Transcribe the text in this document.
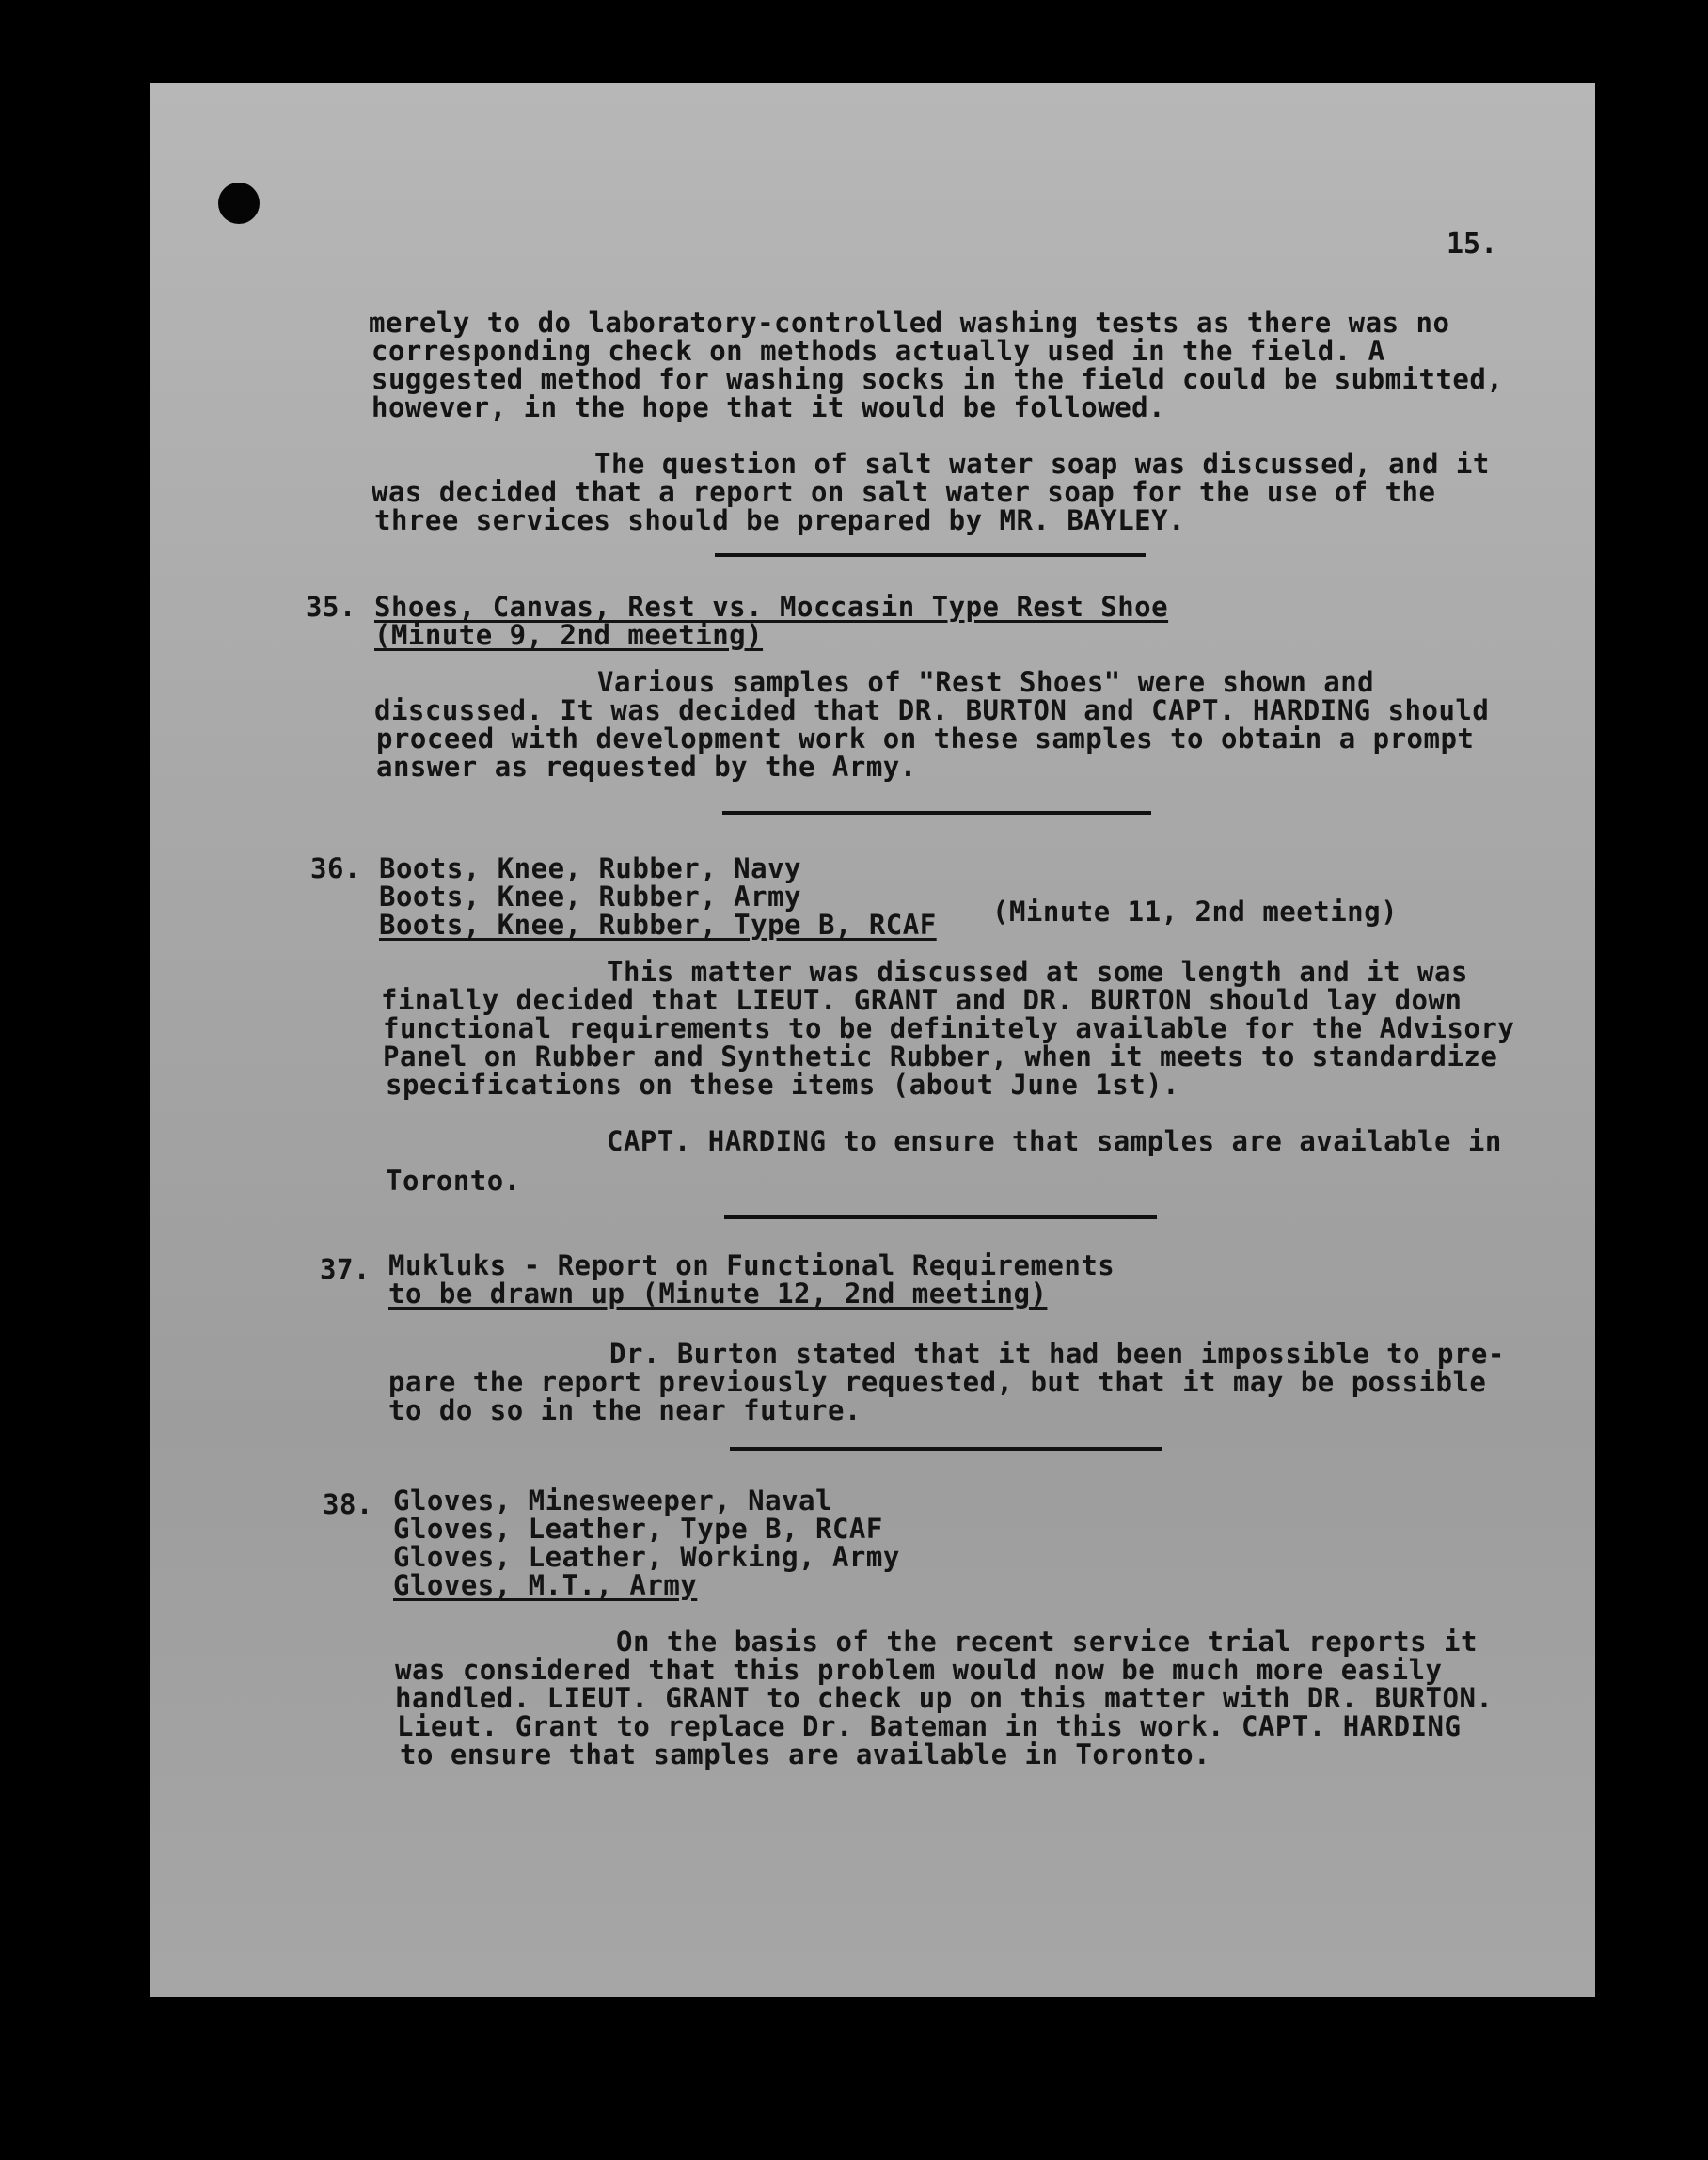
15.
merely to do laboratory-controlled washing tests as there was no
corresponding check on methods actually used in the field. A
suggested method for washing socks in the field could be submitted,
however, in the hope that it would be followed.
The question of salt water soap was discussed, and it
was decided that a report on salt water soap for the use of the
three services should be prepared by MR. BAYLEY.
35. Shoes, Canvas, Rest vs. Moccasin Type Rest Shoe
(Minute 9, 2nd meeting)
Various samples of "Rest Shoes" were shown and
discussed. It was decided that DR. BURTON and CAPT. HARDING should
proceed with development work on these samples to obtain a prompt
answer as requested by the Army.
36. Boots, Knee, Rubber, Navy
Boots, Knee, Rubber, Army
Boots, Knee, Rubber, Type B, RCAF (Minute 11, 2nd meeting)
This matter was discussed at some length and it was
finally decided that LIEUT. GRANT and DR. BURTON should lay down
functional requirements to be definitely available for the Advisory
Panel on Rubber and Synthetic Rubber, when it meets to standardize
specifications on these items (about June 1st).
CAPT. HARDING to ensure that samples are available in
Toronto.
37. Mukluks - Report on Functional Requirements
to be drawn up (Minute 12, 2nd meeting)
Dr. Burton stated that it had been impossible to pre-
pare the report previously requested, but that it may be possible
to do so in the near future.
38. Gloves, Minesweeper, Naval
Gloves, Leather, Type B, RCAF
Gloves, Leather, Working, Army
Gloves, M.T., Army
On the basis of the recent service trial reports it
was considered that this problem would now be much more easily
handled. LIEUT. GRANT to check up on this matter with DR. BURTON.
Lieut. Grant to replace Dr. Bateman in this work. CAPT. HARDING
to ensure that samples are available in Toronto.
